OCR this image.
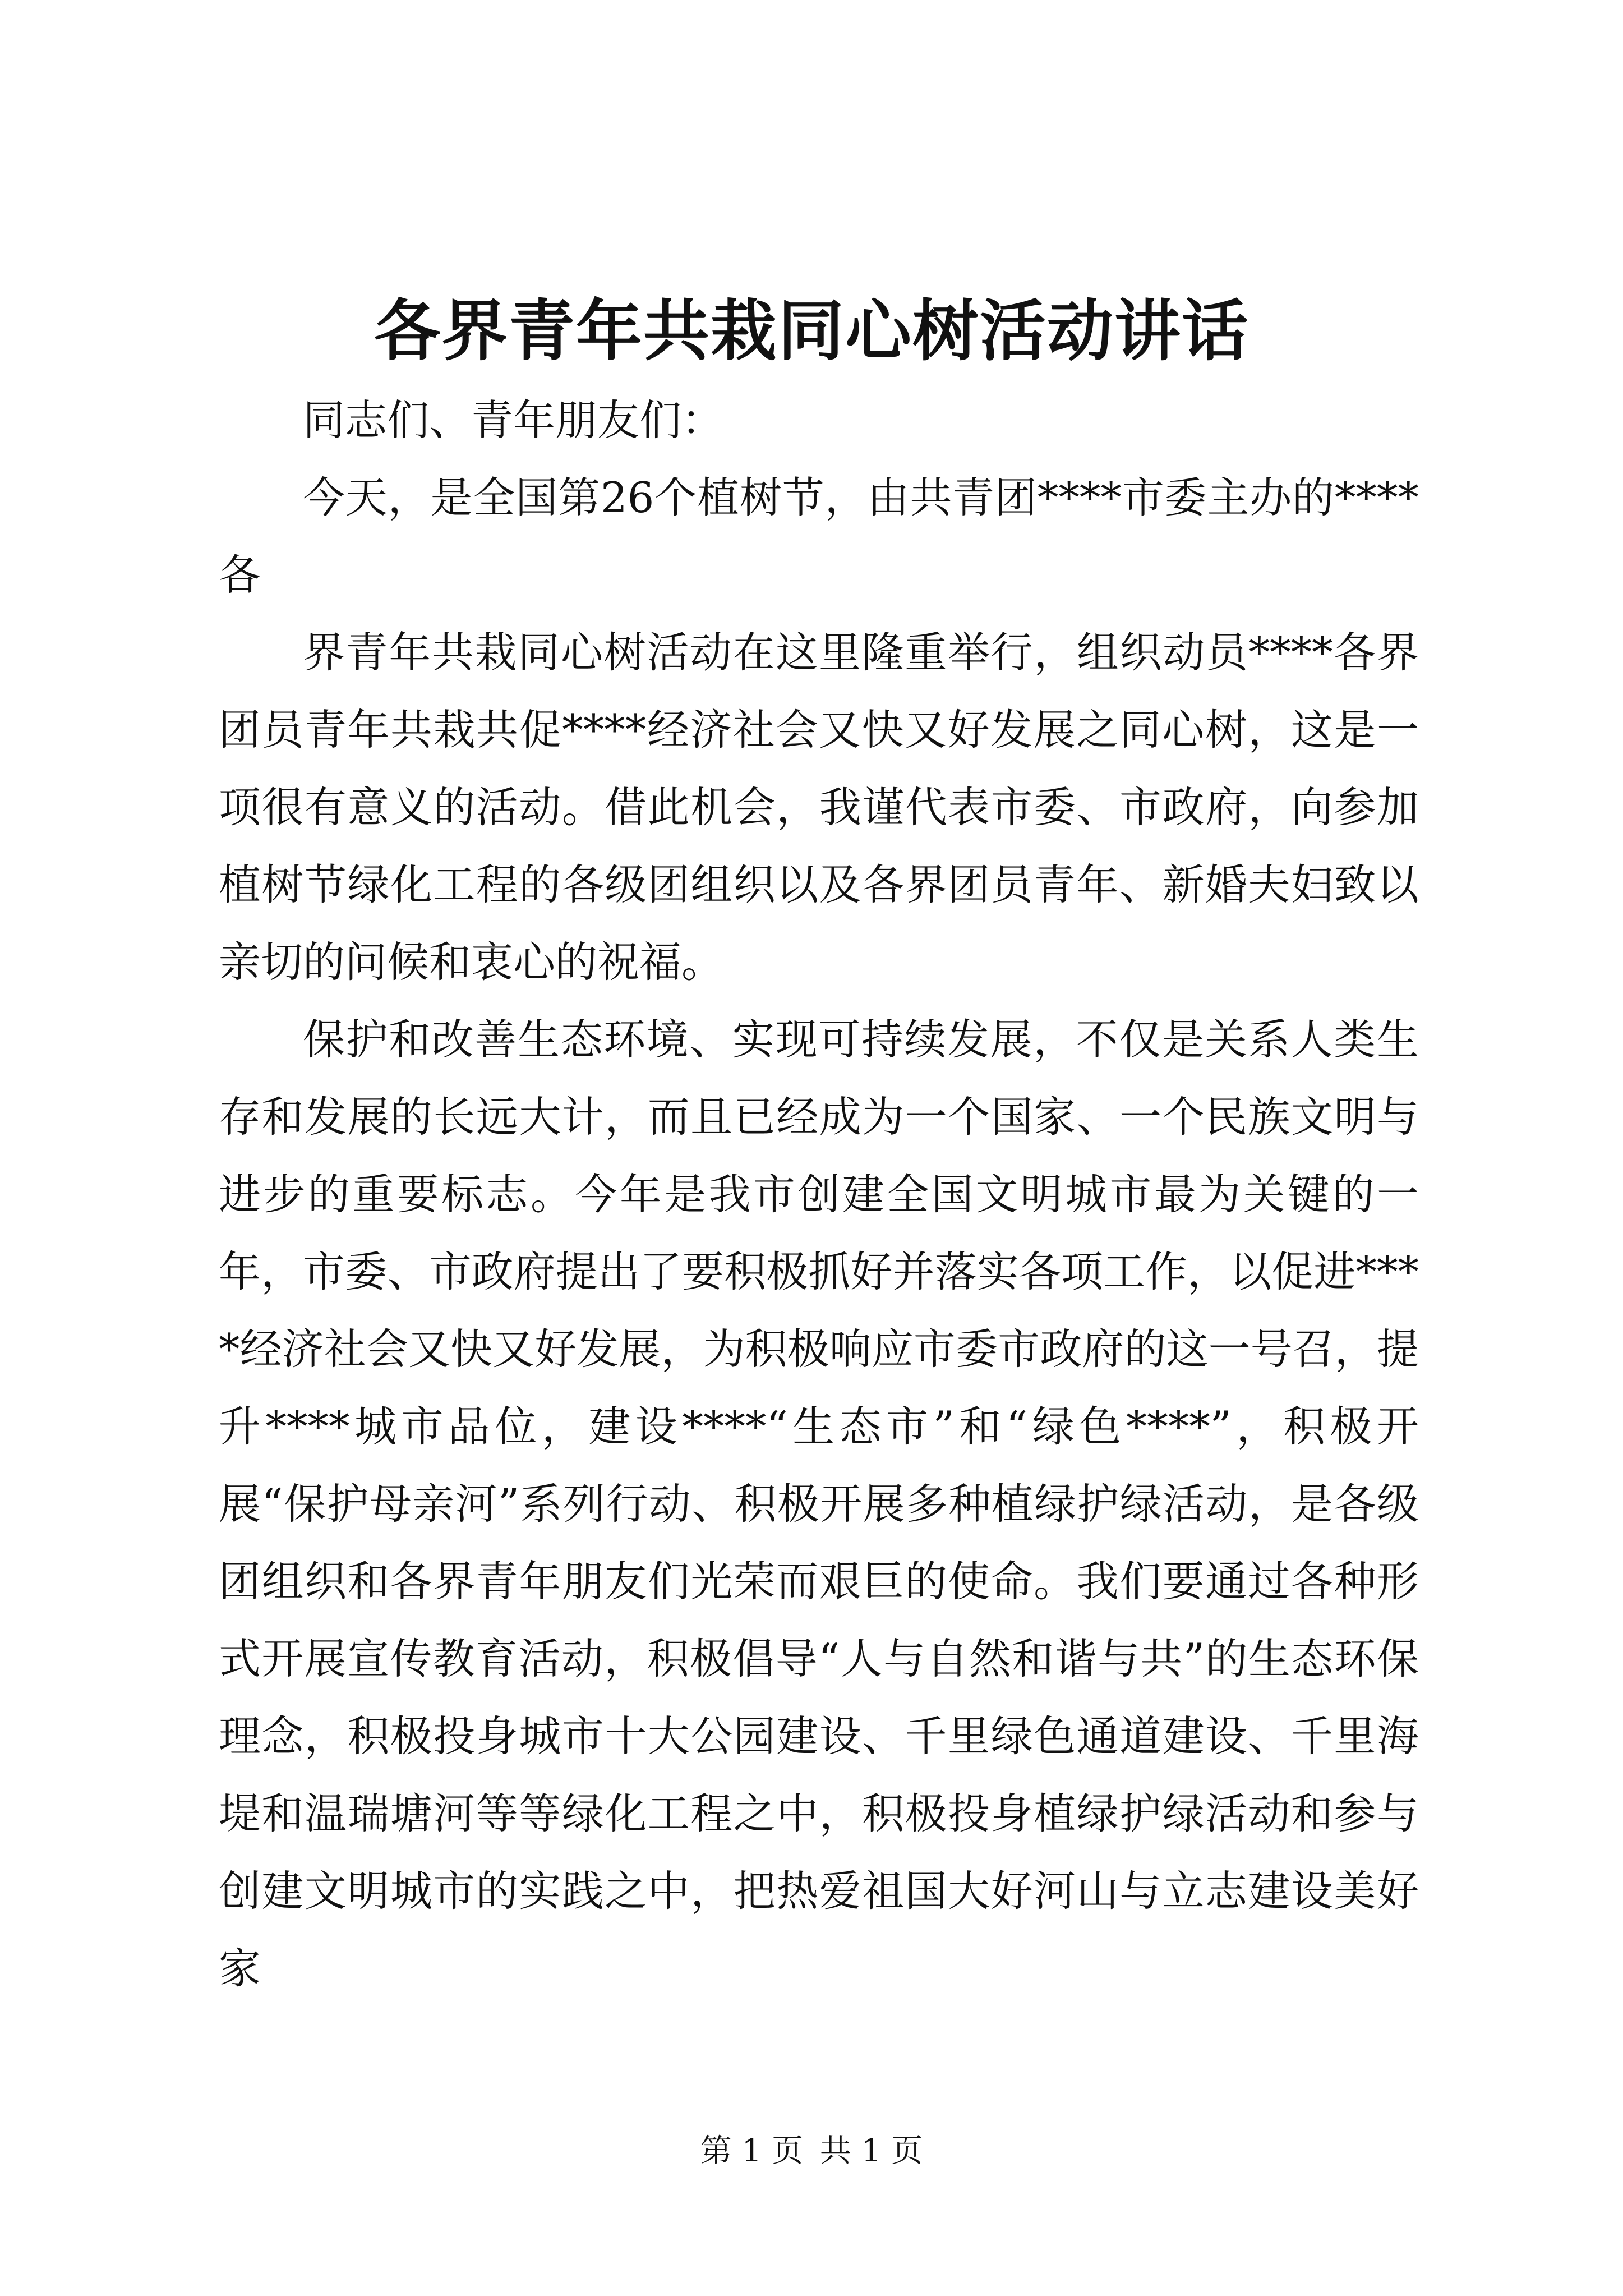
各界青年共栽同心树活动讲话

同志们、青年朋友们：

今天，是全国第26个植树节，由共青团****市委主办的****各

界青年共栽同心树活动在这里隆重举行，组织动员****各界团员青年共栽共促****经济社会又快又好发展之同心树，这是一项很有意义的活动。借此机会，我谨代表市委、市政府，向参加植树节绿化工程的各级团组织以及各界团员青年、新婚夫妇致以亲切的问候和衷心的祝福。

保护和改善生态环境、实现可持续发展，不仅是关系人类生存和发展的长远大计，而且已经成为一个国家、一个民族文明与进步的重要标志。今年是我市创建全国文明城市最为关键的一年，市委、市政府提出了要积极抓好并落实各项工作，以促进****经济社会又快又好发展，为积极响应市委市政府的这一号召，提升****城市品位，建设****“生态市”和“绿色****”，积极开展“保护母亲河”系列行动、积极开展多种植绿护绿活动，是各级团组织和各界青年朋友们光荣而艰巨的使命。我们要通过各种形式开展宣传教育活动，积极倡导“人与自然和谐与共”的生态环保理念，积极投身城市十大公园建设、千里绿色通道建设、千里海堤和温瑞塘河等等绿化工程之中，积极投身植绿护绿活动和参与创建文明城市的实践之中，把热爱祖国大好河山与立志建设美好家

第 1 页 共 1 页
